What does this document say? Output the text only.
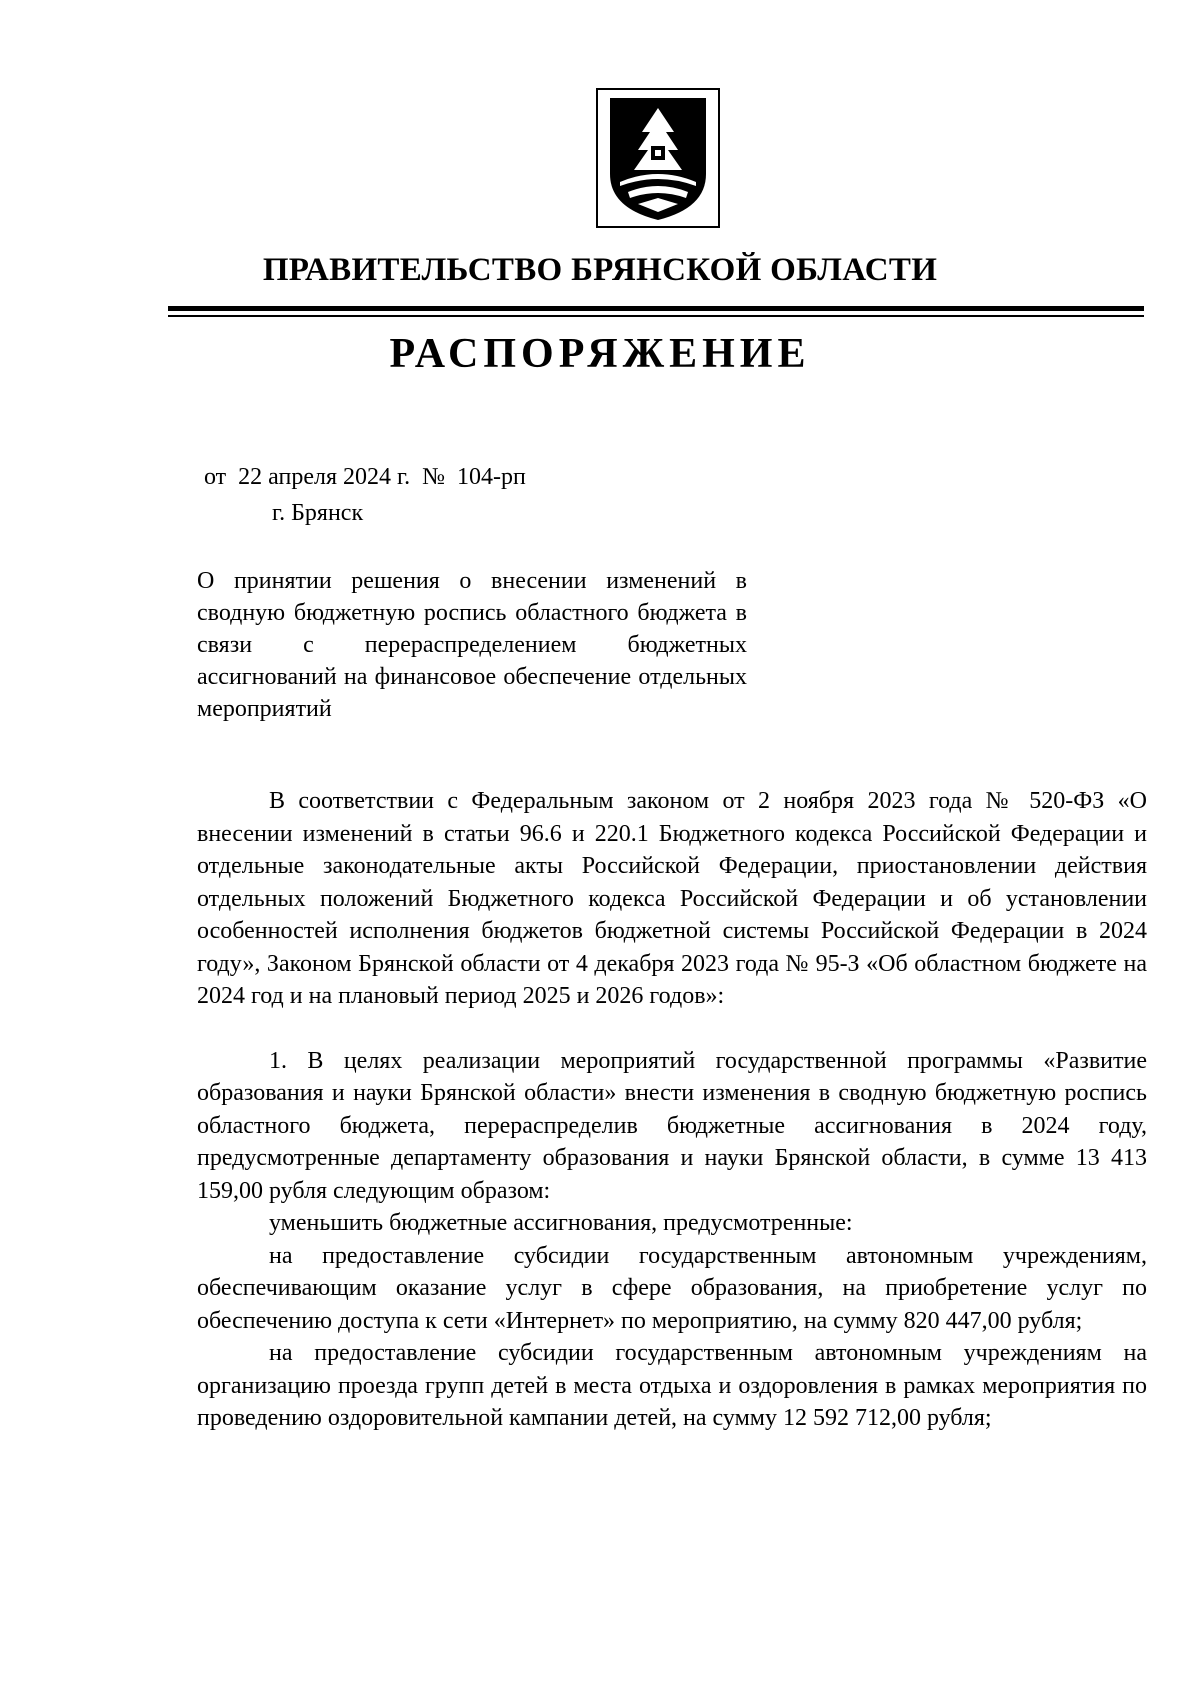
ПРАВИТЕЛЬСТВО БРЯНСКОЙ ОБЛАСТИ
РАСПОРЯЖЕНИЕ
от  22 апреля 2024 г. №  104-рп
г. Брянск
О принятии решения о внесении изменений в сводную бюджетную роспись областного бюджета в связи с перераспределением бюджетных ассигнований на финансовое обеспечение отдельных мероприятий

В соответствии с Федеральным законом от 2 ноября 2023 года № 520-ФЗ «О внесении изменений в статьи 96.6 и 220.1 Бюджетного кодекса Российской Федерации и отдельные законодательные акты Российской Федерации, приостановлении действия отдельных положений Бюджетного кодекса Российской Федерации и об установлении особенностей исполнения бюджетов бюджетной системы Российской Федерации в 2024 году», Законом Брянской области от 4 декабря 2023 года № 95-З «Об областном бюджете на 2024 год и на плановый период 2025 и 2026 годов»:

1. В целях реализации мероприятий государственной программы «Развитие образования и науки Брянской области» внести изменения в сводную бюджетную роспись областного бюджета, перераспределив бюджетные ассигнования в 2024 году, предусмотренные департаменту образования и науки Брянской области, в сумме 13 413 159,00 рубля следующим образом:

уменьшить бюджетные ассигнования, предусмотренные:

на предоставление субсидии государственным автономным учреждениям, обеспечивающим оказание услуг в сфере образования, на приобретение услуг по обеспечению доступа к сети «Интернет» по мероприятию, на сумму 820 447,00 рубля;

на предоставление субсидии государственным автономным учреждениям на организацию проезда групп детей в места отдыха и оздоровления в рамках мероприятия по проведению оздоровительной кампании детей, на сумму 12 592 712,00 рубля;
